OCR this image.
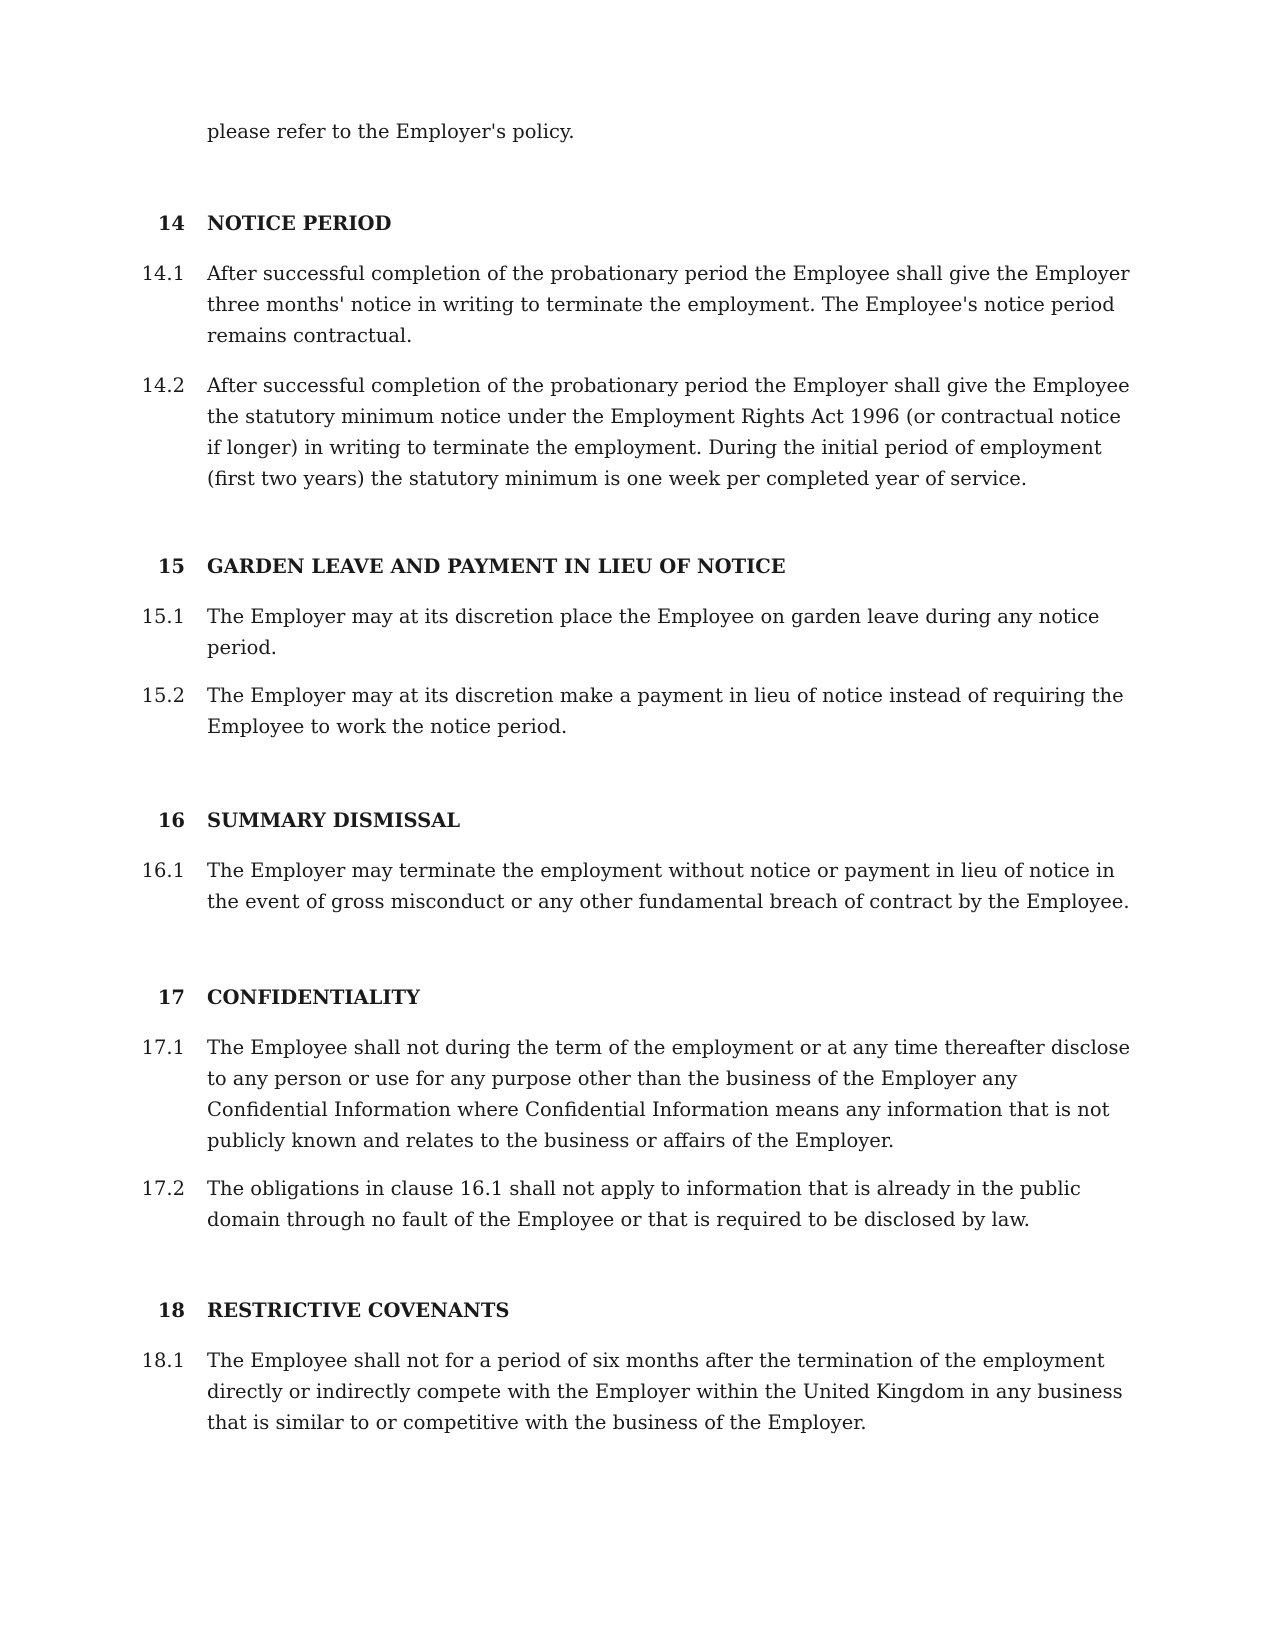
please refer to the Employer's policy.

14 NOTICE PERIOD
14.1 After successful completion of the probationary period the Employee shall give the Employer three months' notice in writing to terminate the employment. The Employee's notice period remains contractual.
14.2 After successful completion of the probationary period the Employer shall give the Employee the statutory minimum notice under the Employment Rights Act 1996 (or contractual notice if longer) in writing to terminate the employment. During the initial period of employment (first two years) the statutory minimum is one week per completed year of service.
15 GARDEN LEAVE AND PAYMENT IN LIEU OF NOTICE
15.1 The Employer may at its discretion place the Employee on garden leave during any notice period.
15.2 The Employer may at its discretion make a payment in lieu of notice instead of requiring the Employee to work the notice period.
16 SUMMARY DISMISSAL
16.1 The Employer may terminate the employment without notice or payment in lieu of notice in the event of gross misconduct or any other fundamental breach of contract by the Employee.
17 CONFIDENTIALITY
17.1 The Employee shall not during the term of the employment or at any time thereafter disclose to any person or use for any purpose other than the business of the Employer any Confidential Information where Confidential Information means any information that is not publicly known and relates to the business or affairs of the Employer.
17.2 The obligations in clause 16.1 shall not apply to information that is already in the public domain through no fault of the Employee or that is required to be disclosed by law.
18 RESTRICTIVE COVENANTS
18.1 The Employee shall not for a period of six months after the termination of the employment directly or indirectly compete with the Employer within the United Kingdom in any business that is similar to or competitive with the business of the Employer.
